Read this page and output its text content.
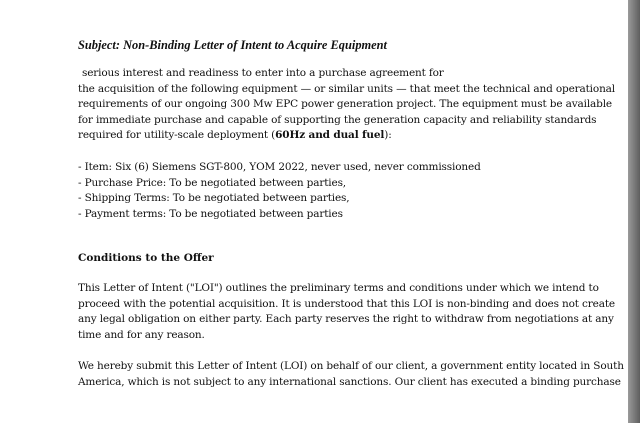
Subject: Non-Binding Letter of Intent to Acquire Equipment
serious interest and readiness to enter into a purchase agreement for
the acquisition of the following equipment — or similar units — that meet the technical and operational
requirements of our ongoing 300 Mw EPC power generation project. The equipment must be available
for immediate purchase and capable of supporting the generation capacity and reliability standards
required for utility-scale deployment (60Hz and dual fuel):
- Item: Six (6) Siemens SGT-800, YOM 2022, never used, never commissioned
- Purchase Price: To be negotiated between parties,
- Shipping Terms: To be negotiated between parties,
- Payment terms: To be negotiated between parties
Conditions to the Offer
This Letter of Intent ("LOI") outlines the preliminary terms and conditions under which we intend to
proceed with the potential acquisition. It is understood that this LOI is non-binding and does not create
any legal obligation on either party. Each party reserves the right to withdraw from negotiations at any
time and for any reason.
We hereby submit this Letter of Intent (LOI) on behalf of our client, a government entity located in South
America, which is not subject to any international sanctions. Our client has executed a binding purchase
